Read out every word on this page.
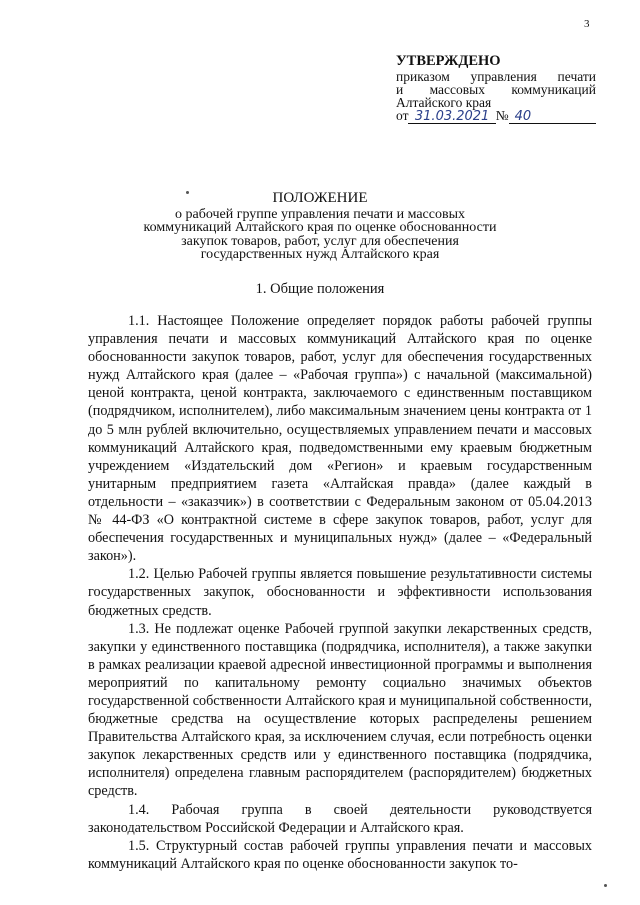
3
УТВЕРЖДЕНО
приказом управления печати
и массовых коммуникаций
Алтайского края
от 31.03.2021 № 40
ПОЛОЖЕНИЕ
о рабочей группе управления печати и массовых
коммуникаций Алтайского края по оценке обоснованности
закупок товаров, работ, услуг для обеспечения
государственных нужд Алтайского края
1. Общие положения

1.1. Настоящее Положение определяет порядок работы рабочей группы управления печати и массовых коммуникаций Алтайского края по оценке обоснованности закупок товаров, работ, услуг для обеспечения государственных нужд Алтайского края (далее – «Рабочая группа») с начальной (максимальной) ценой контракта, ценой контракта, заключаемого с единственным поставщиком (подрядчиком, исполнителем), либо максимальным значением цены контракта от 1 до 5 млн рублей включительно, осуществляемых управлением печати и массовых коммуникаций Алтайского края, подведомственными ему краевым бюджетным учреждением «Издательский дом «Регион» и краевым государственным унитарным предприятием газета «Алтайская правда» (далее каждый в отдельности – «заказчик») в соответствии с Федеральным законом от 05.04.2013 № 44-ФЗ «О контрактной системе в сфере закупок товаров, работ, услуг для обеспечения государственных и муниципальных нужд» (далее – «Федеральный закон»).

1.2. Целью Рабочей группы является повышение результативности системы государственных закупок, обоснованности и эффективности использования бюджетных средств.

1.3. Не подлежат оценке Рабочей группой закупки лекарственных средств, закупки у единственного поставщика (подрядчика, исполнителя), а также закупки в рамках реализации краевой адресной инвестиционной программы и выполнения мероприятий по капитальному ремонту социально значимых объектов государственной собственности Алтайского края и муниципальной собственности, бюджетные средства на осуществление которых распределены решением Правительства Алтайского края, за исключением случая, если потребность оценки закупок лекарственных средств или у единственного поставщика (подрядчика, исполнителя) определена главным распорядителем (распорядителем) бюджетных средств.

1.4. Рабочая группа в своей деятельности руководствуется законодательством Российской Федерации и Алтайского края.

1.5. Структурный состав рабочей группы управления печати и массовых коммуникаций Алтайского края по оценке обоснованности закупок то-
